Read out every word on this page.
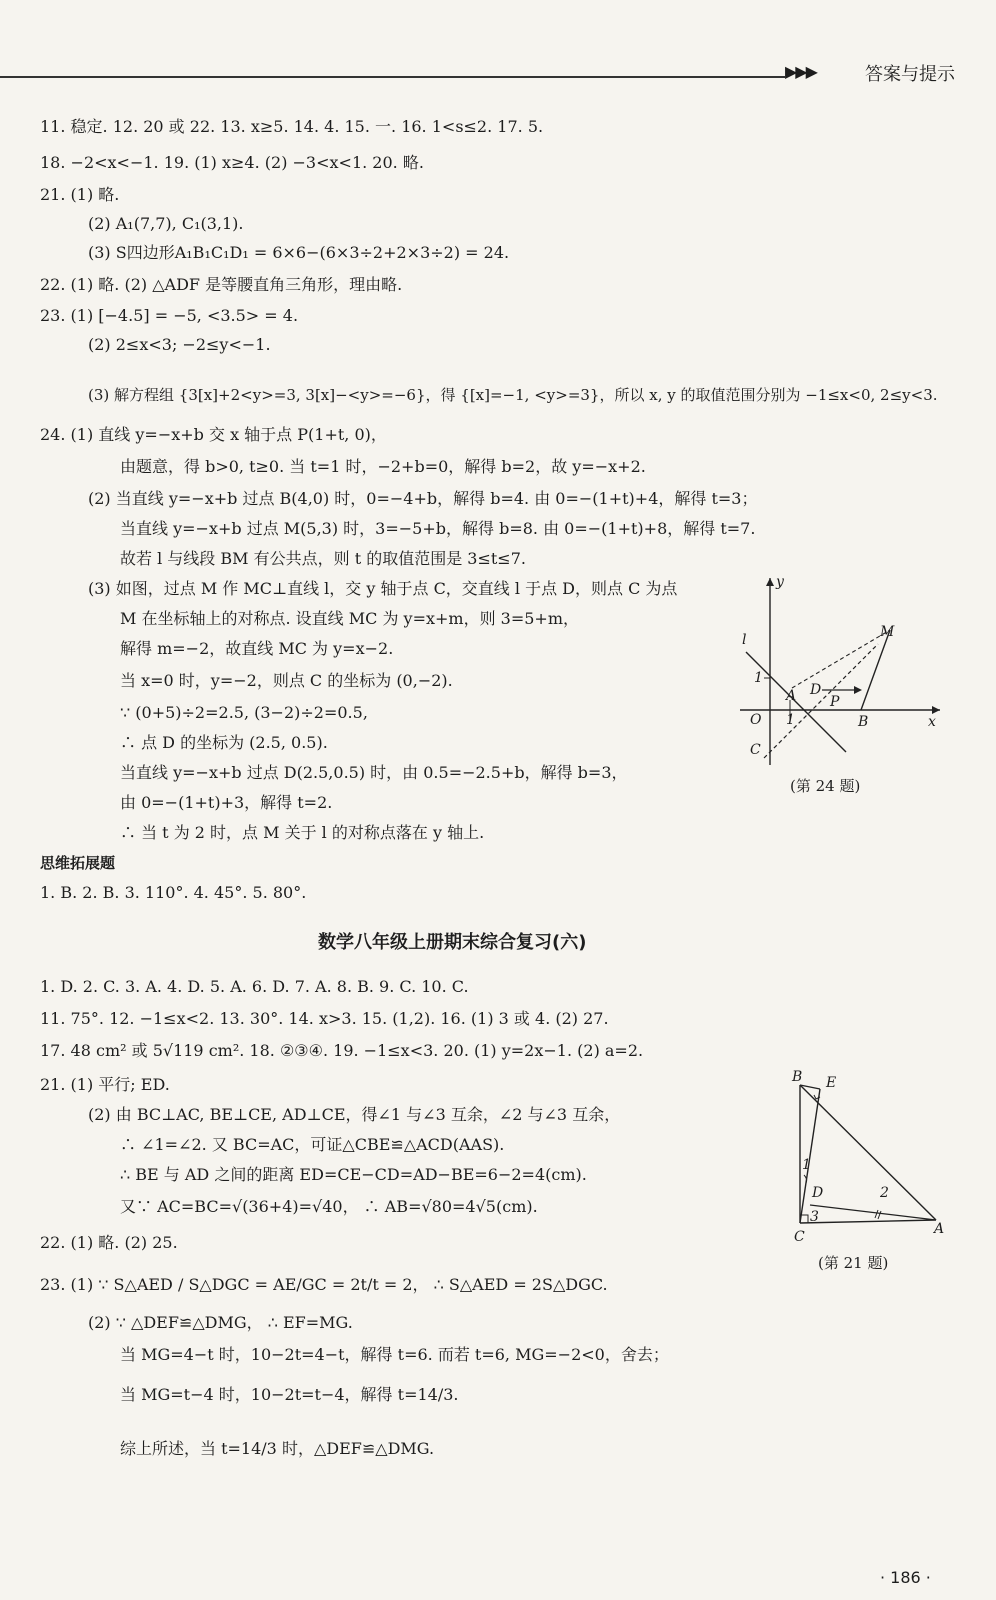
▶▶▶	答案与提示
11. 稳定. 12. 20 或 22. 13. x≥5. 14. 4. 15. 一. 16. 1<s≤2. 17. 5.
18. −2<x<−1. 19. (1) x≥4. (2) −3<x<1. 20. 略.
21. (1) 略.
(2) A₁(7,7), C₁(3,1).
(3) S四边形A₁B₁C₁D₁ = 6×6−(6×3÷2+2×3÷2) = 24.
22. (1) 略. (2) △ADF 是等腰直角三角形，理由略.
23. (1) [−4.5] = −5, <3.5> = 4.
(2) 2≤x<3; −2≤y<−1.
(3) 解方程组 {3[x]+2<y>=3, 3[x]−<y>=−6}，得 {[x]=−1, <y>=3}，所以 x, y 的取值范围分别为 −1≤x<0, 2≤y<3.
24. (1) 直线 y=−x+b 交 x 轴于点 P(1+t, 0)，
由题意，得 b>0, t≥0. 当 t=1 时，−2+b=0，解得 b=2，故 y=−x+2.
(2) 当直线 y=−x+b 过点 B(4,0) 时，0=−4+b，解得 b=4. 由 0=−(1+t)+4，解得 t=3；
当直线 y=−x+b 过点 M(5,3) 时，3=−5+b，解得 b=8. 由 0=−(1+t)+8，解得 t=7.
故若 l 与线段 BM 有公共点，则 t 的取值范围是 3≤t≤7.
(3) 如图，过点 M 作 MC⊥直线 l，交 y 轴于点 C，交直线 l 于点 D，则点 C 为点
M 在坐标轴上的对称点. 设直线 MC 为 y=x+m，则 3=5+m，
解得 m=−2，故直线 MC 为 y=x−2.
当 x=0 时，y=−2，则点 C 的坐标为 (0,−2).
∵ (0+5)÷2=2.5, (3−2)÷2=0.5,
∴ 点 D 的坐标为 (2.5, 0.5).
当直线 y=−x+b 过点 D(2.5,0.5) 时，由 0.5=−2.5+b，解得 b=3，
由 0=−(1+t)+3，解得 t=2.
∴ 当 t 为 2 时，点 M 关于 l 的对称点落在 y 轴上.
思维拓展题
1. B. 2. B. 3. 110°. 4. 45°. 5. 80°.
数学八年级上册期末综合复习(六)
1. D. 2. C. 3. A. 4. D. 5. A. 6. D. 7. A. 8. B. 9. C. 10. C.
11. 75°. 12. −1≤x<2. 13. 30°. 14. x>3. 15. (1,2). 16. (1) 3 或 4. (2) 27.
17. 48 cm² 或 5√119 cm². 18. ②③④. 19. −1≤x<3. 20. (1) y=2x−1. (2) a=2.
21. (1) 平行; ED.
(2) 由 BC⊥AC, BE⊥CE, AD⊥CE，得∠1 与∠3 互余，∠2 与∠3 互余，
∴ ∠1=∠2. 又 BC=AC，可证△CBE≌△ACD(AAS).
∴ BE 与 AD 之间的距离 ED=CE−CD=AD−BE=6−2=4(cm).
又∵ AC=BC=√(36+4)=√40， ∴ AB=√80=4√5(cm).
22. (1) 略. (2) 25.
23. (1) ∵ S△AED / S△DGC = AE/GC = 2t/t = 2， ∴ S△AED = 2S△DGC.
(2) ∵ △DEF≌△DMG， ∴ EF=MG.
当 MG=4−t 时，10−2t=4−t，解得 t=6. 而若 t=6, MG=−2<0，舍去；
当 MG=t−4 时，10−2t=t−4，解得 t=14/3.
综上所述，当 t=14/3 时，△DEF≌△DMG.
y
x
l	M
1
A D
P
O 1	B
C
(第 24 题)
B E
1
D	2
3
C	A
(第 21 题)
· 186 ·
